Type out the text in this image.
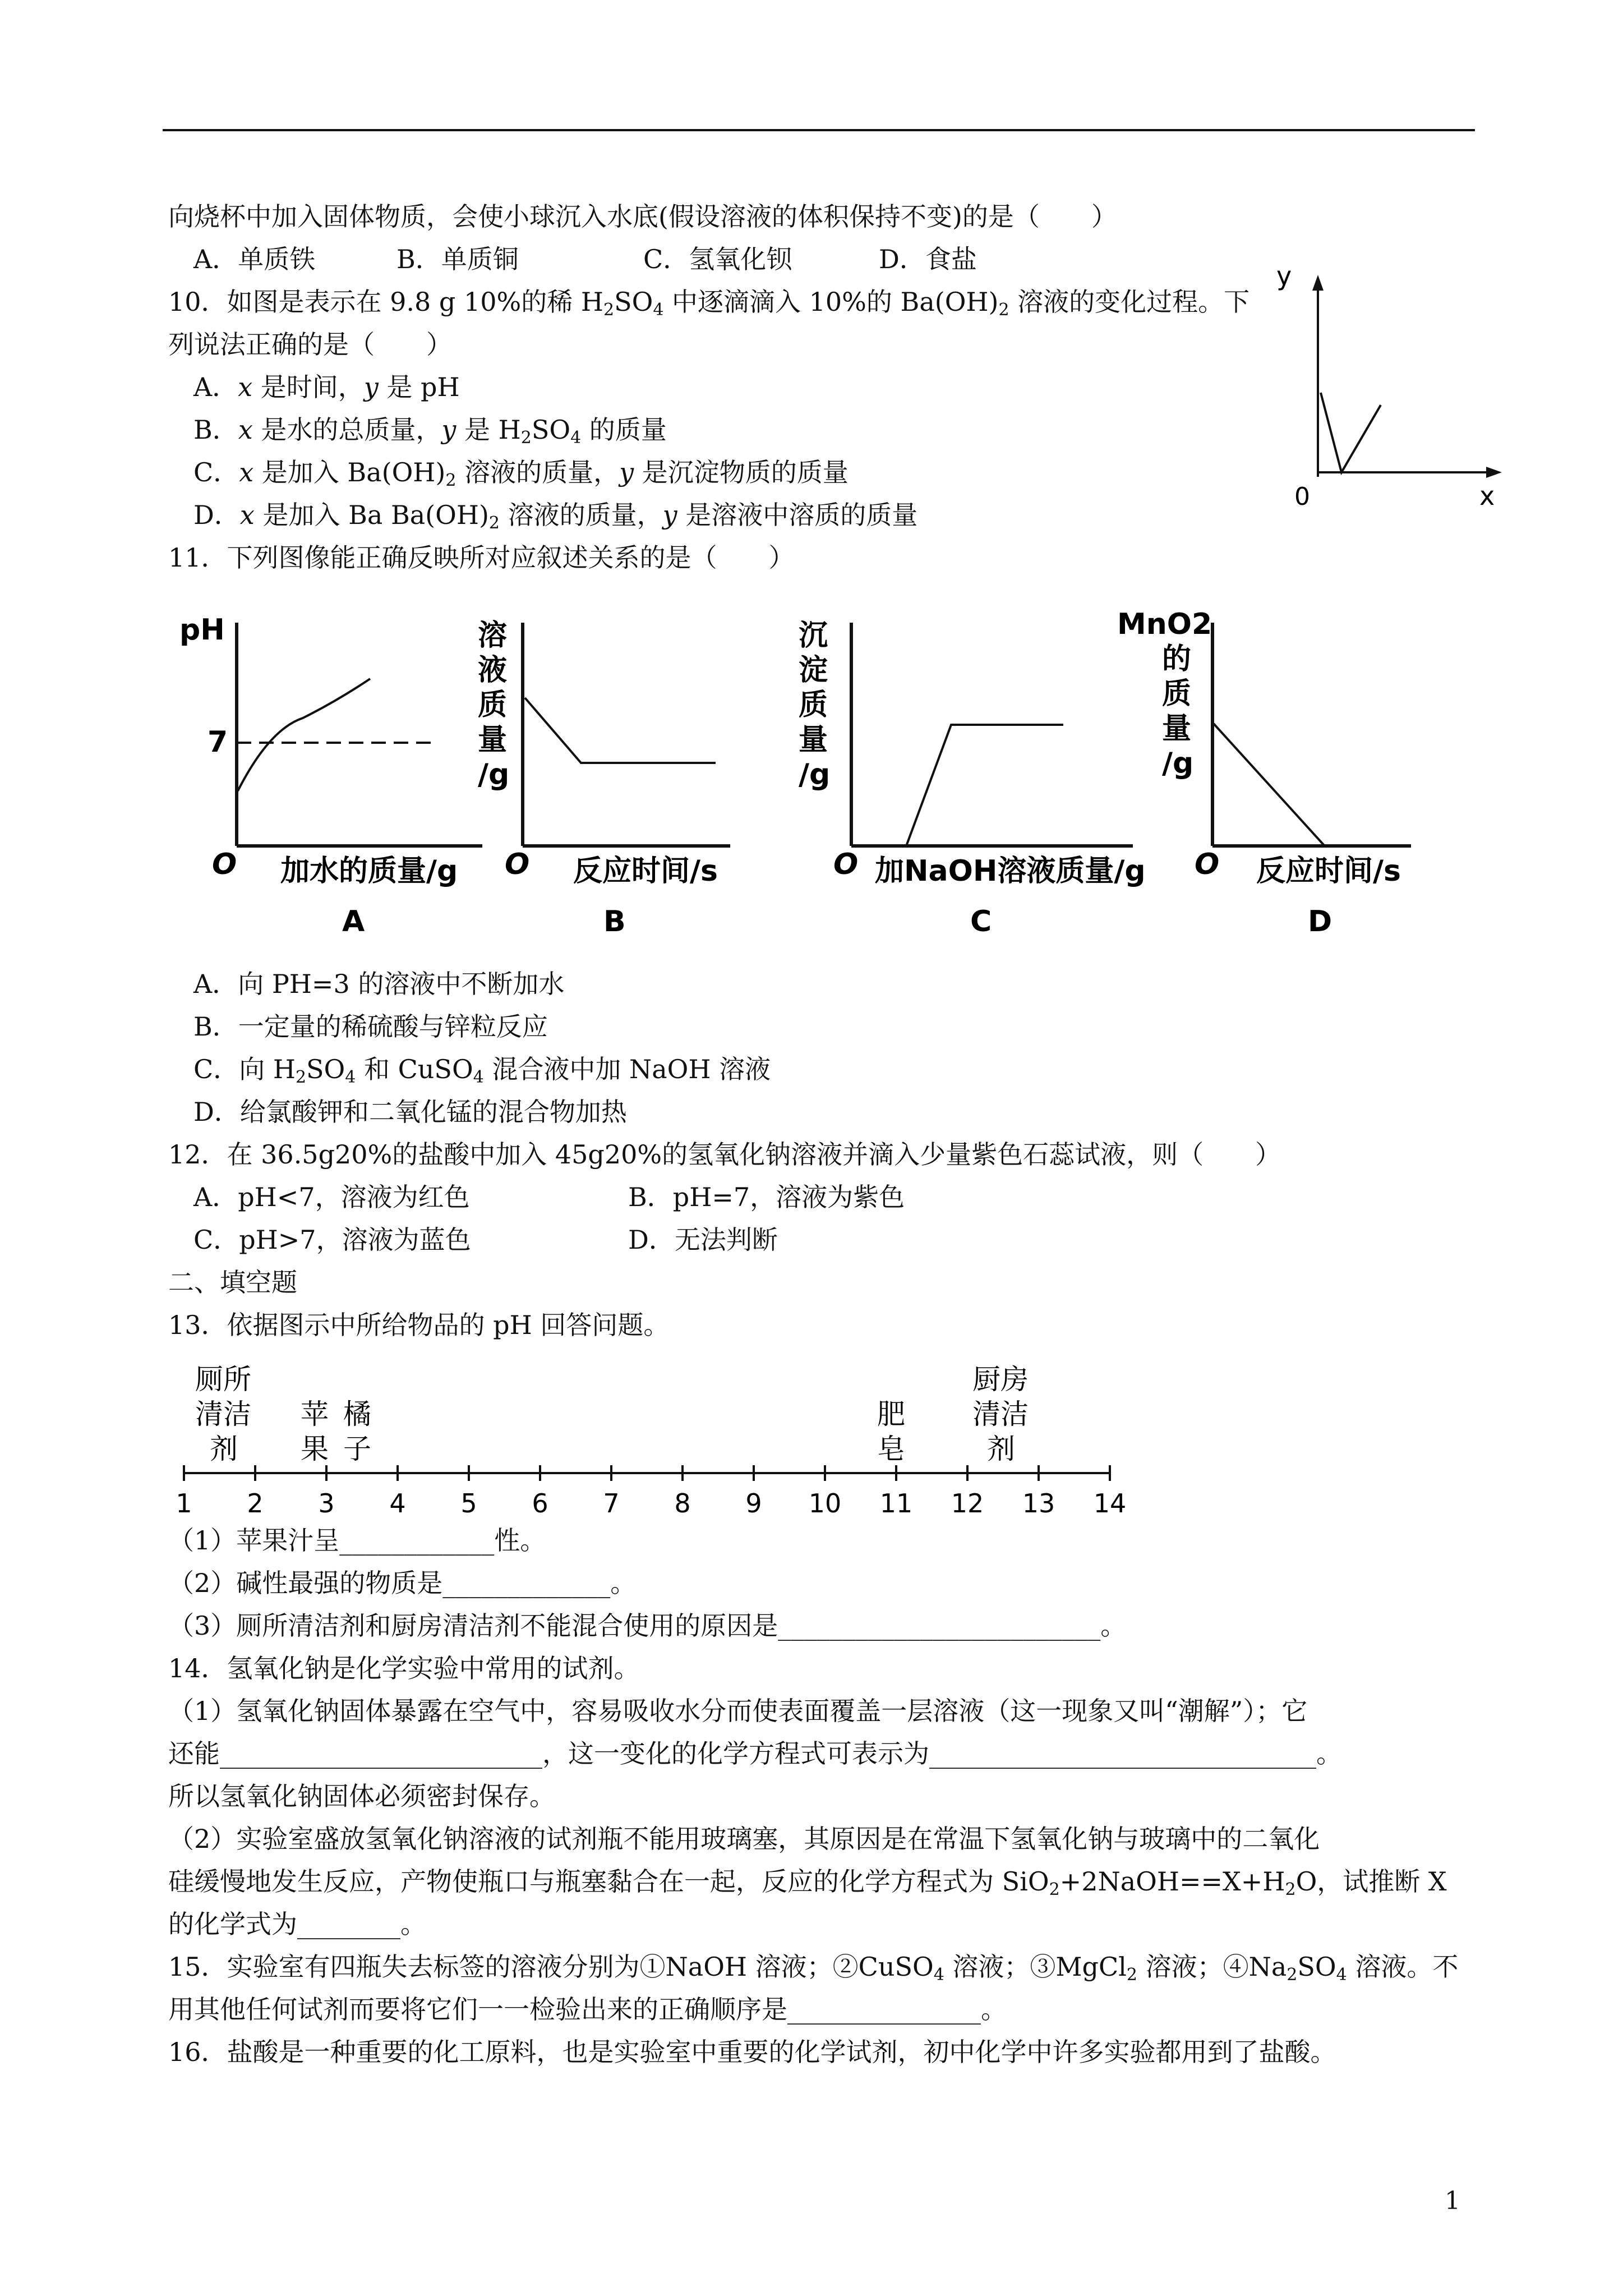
向烧杯中加入固体物质，会使小球沉入水底(假设溶液的体积保持不变)的是（　　）
A．单质铁	B．单质铜	C．氢氧化钡	D．食盐
10．如图是表示在 9.8 g 10%的稀 $H_2SO_4$ 中逐滴滴入 10%的 $Ba(OH)_2$ 溶液的变化过程。下
列说法正确的是（　　）
A．x 是时间，y 是 pH
B．x 是水的总质量，y 是 $H_2SO_4$ 的质量
C．x 是加入 $Ba(OH)_2$ 溶液的质量，y 是沉淀物质的质量
D．x 是加入 Ba $Ba(OH)_2$ 溶液的质量，y 是溶液中溶质的质量
y
x
0
11．下列图像能正确反映所对应叙述关系的是（　　）
pH
7
O 加水的质量/g
A
溶
液
质
量
/g
O 反应时间/s
B
沉
淀
质
量
/g
O 加NaOH溶液质量/g
C
MnO2
的
质
量
/g
O 反应时间/s
D
A．向 PH=3 的溶液中不断加水
B．一定量的稀硫酸与锌粒反应
C．向 $H_2SO_4$ 和 CuSO$_4$ 混合液中加 NaOH 溶液
D．给氯酸钾和二氧化锰的混合物加热
12．在 36.5g20%的盐酸中加入 45g20%的氢氧化钠溶液并滴入少量紫色石蕊试液，则（　　）
A．pH<7，溶液为红色	B．pH=7，溶液为紫色
C．pH>7，溶液为蓝色	D．无法判断
二、填空题
13．依据图示中所给物品的 pH 回答问题。
厕所
清洁
剂
苹
果
橘
子
肥
皂
厨房
清洁
剂
1 2 3 4 5 6 7 8 9 10 11 12 13 14
（1）苹果汁呈____________性。
（2）碱性最强的物质是_____________。
（3）厕所清洁剂和厨房清洁剂不能混合使用的原因是_________________________。
14．氢氧化钠是化学实验中常用的试剂。
（1）氢氧化钠固体暴露在空气中，容易吸收水分而使表面覆盖一层溶液（这一现象又叫“潮解”）；它
还能_________________________，这一变化的化学方程式可表示为______________________________。
所以氢氧化钠固体必须密封保存。
（2）实验室盛放氢氧化钠溶液的试剂瓶不能用玻璃塞，其原因是在常温下氢氧化钠与玻璃中的二氧化
硅缓慢地发生反应，产物使瓶口与瓶塞黏合在一起，反应的化学方程式为 $SiO_2+2NaOH==X+H_2O$，试推断 X
的化学式为________。
15．实验室有四瓶失去标签的溶液分别为①NaOH 溶液；②CuSO$_4$ 溶液；③MgCl$_2$ 溶液；$④Na_2SO_4$ 溶液。不
用其他任何试剂而要将它们一一检验出来的正确顺序是_______________。
16．盐酸是一种重要的化工原料，也是实验室中重要的化学试剂，初中化学中许多实验都用到了盐酸。
1
